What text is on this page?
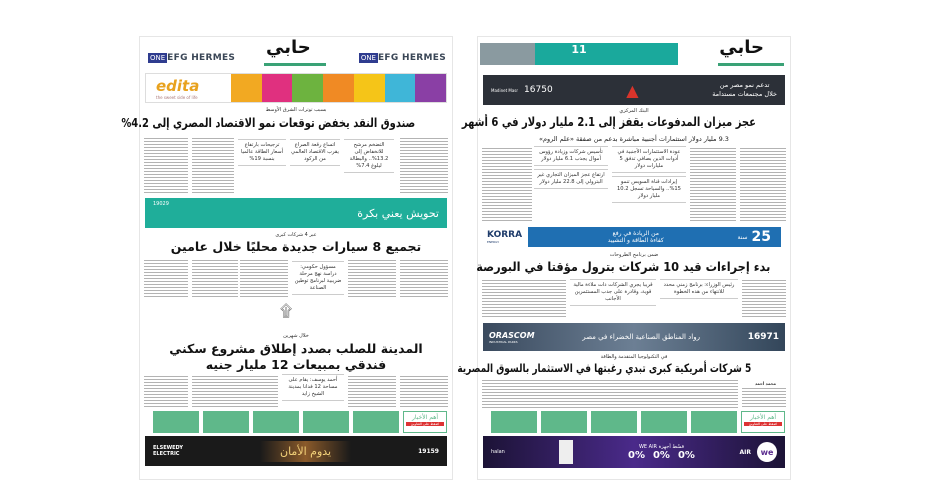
EFG HERMESONE
EFG HERMESONE	حابي
edita
the sweet side of life
بسبب توترات الشرق الأوسط
صندوق النقد يخفض توقعات نمو الاقتصاد المصري إلى 4.2%
التضخم مرشح للانخفاض إلى 13.2%.. والبطالة ليلوغ 7.4%
اتساع رقعة الصراع يقرب الاقتصاد العالمي من الركود
ترجيحات بارتفاع أسعار الطاقة عالميا بنسبة 19%
تحويش يعني بكرة
19029
عبر 4 شركات كبرى
تجميع 8 سيارات جديدة محليًا خلال عامين
مسؤول حكومي: دراسة نهج مرحلة ضريبية لبرنامج توطين الصناعة
۩
خلال شهرين
المدينة للصلب بصدد إطلاق مشروع سكني
فندقي بمبيعات 12 مليار جنيه
أحمد يوسف: يقام على مساحة 12 فدانا بمدينة الشيخ زايد
أهم الأخبار
اضغط على العناوين
ELSEWEDY ELECTRIC	يدوم الأمان	19159
حابي
11
تدعم نمو مصر من
خلال مجتمعات مستدامة
▲
Madinet Masr 16750
البنك المركزي
عجز ميزان المدفوعات يقفز إلى 2.1 مليار دولار في 6 أشهر
9.3 مليار دولار استثمارات أجنبية مباشرة بدعم من صفقة «علم الروم»
عودة الاستثمارات الأجنبية في أدوات الدين بصافي تدفق 5 مليارات دولار
إيرادات قناة السويس تنمو 15%.. والسياحة تسجل 10.2 مليار دولار
تأسيس شركات وزيادة رؤوس أموال يجذب 6.1 مليار دولار
ارتفاع عجز الميزان التجاري غير البترولي إلى 22.8 مليار دولار
25
سنة
من الريادة في رفع
كفاءة الطاقة و التشييد
KORRA
ENERGY
ضمن برنامج الطروحات
بدء إجراءات قيد 10 شركات بترول مؤقتا في البورصة
رئيس الوزراء: برنامج زمني محدد للانتهاء من هذه الخطوة
قريبا يجري الشركات ذات ملاءة مالية قوية، وقادرة على جذب المستثمرين الأجانب
ORASCOM
INDUSTRIAL PARKS
رواد المناطق الصناعية الخضراء في مصر	16971
في التكنولوجيا المتقدمة والطاقة
5 شركات أمريكية كبرى تبدي رغبتها في الاستثمار بالسوق المصرية
محمد أحمد
أهم الأخبار
اضغط على العناوين
we
AIR
قسّط أجهزة WE AIR
0% 0% 0%
halan
